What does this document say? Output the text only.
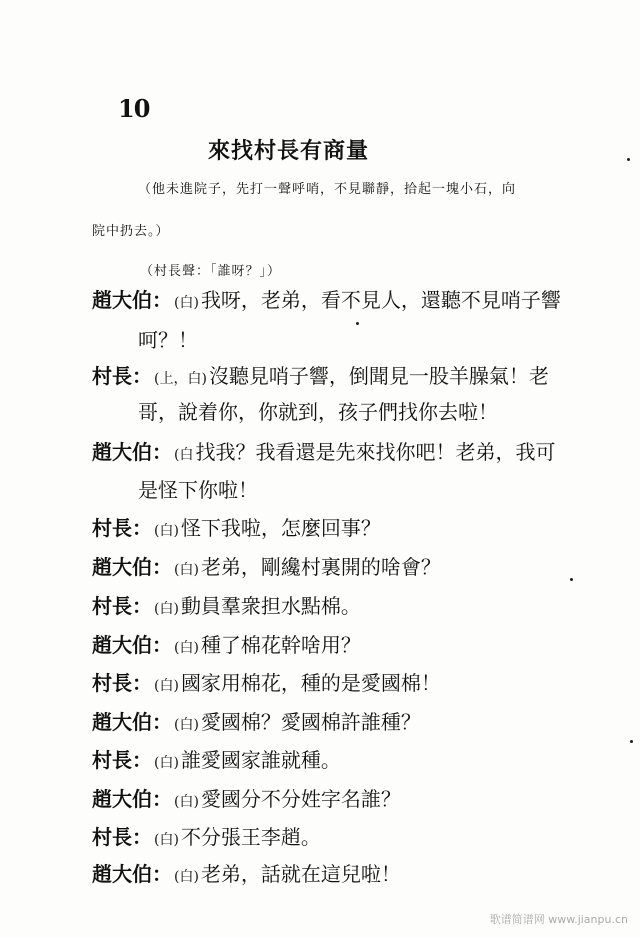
10
來找村長有商量
（他未進院子，先打一聲呼哨，不見聯靜，拾起一塊小石，向
院中扔去。）
（村長聲：「誰呀？」）
趙大伯： (白) 我呀，老弟，看不見人，還聽不見哨子響
呵？！
村長： (上，白) 沒聽見哨子響，倒聞見一股羊臊氣！老
哥，說着你，你就到，孩子們找你去啦！
趙大伯： (白 找我？我看還是先來找你吧！老弟，我可
是怪下你啦！
村長： (白) 怪下我啦，怎麼回事？
趙大伯： (白) 老弟，剛纔村裏開的啥會？
村長： (白) 動員羣衆担水點棉。
趙大伯： (白) 種了棉花幹啥用？
村長： (白) 國家用棉花，種的是愛國棉！
趙大伯： (白) 愛國棉？愛國棉許誰種？
村長： (白) 誰愛國家誰就種。
趙大伯： (白) 愛國分不分姓字名誰？
村長： (白) 不分張王李趙。
趙大伯： (白) 老弟，話就在這兒啦！
歌谱简谱网 www.jianpu.cn
